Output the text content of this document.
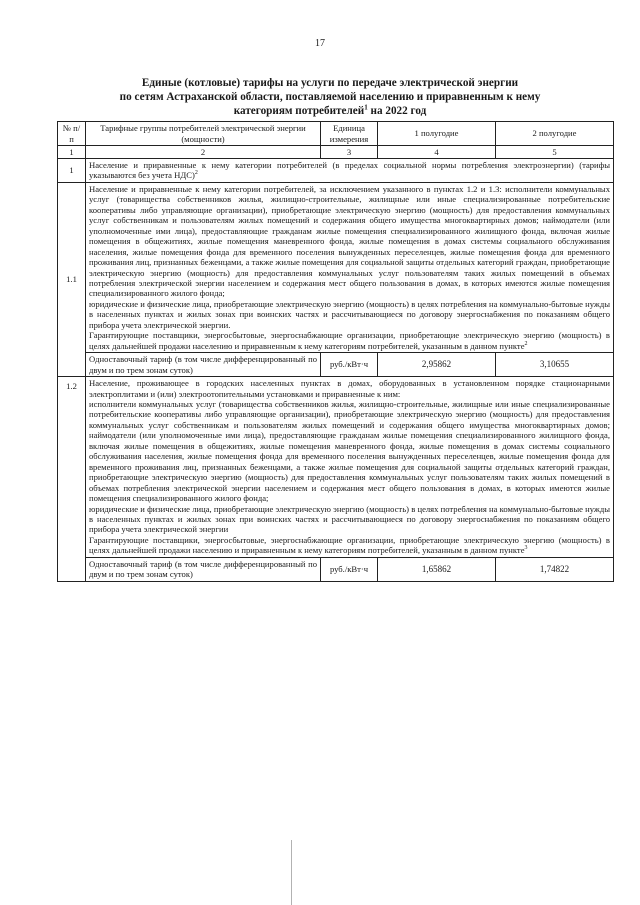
17
Единые (котловые) тарифы на услуги по передаче электрической энергии
по сетям Астраханской области, поставляемой населению и приравненным к нему
категориям потребителей$^1$ на 2022 год
№ п/п	Тарифные группы потребителей электрической энергии (мощности)	Единица измерения	1 полугодие	2 полугодие
1	2	3	4	5
1	Население и приравненные к нему категории потребителей (в пределах социальной нормы потребления электроэнергии) (тарифы указываются без учета НДС)$^2$
1.1	Население и приравненные к нему категории потребителей, за исключением указанного в пунктах 1.2 и 1.3: исполнители коммунальных услуг (товарищества собственников жилья, жилищно-строительные, жилищные или иные специализированные потребительские кооперативы либо управляющие организации), приобретающие электрическую энергию (мощность) для предоставления коммунальных услуг собственникам и пользователям жилых помещений и содержания общего имущества многоквартирных домов; наймодатели (или уполномоченные ими лица), предоставляющие гражданам жилые помещения специализированного жилищного фонда, включая жилые помещения в общежитиях, жилые помещения маневренного фонда, жилые помещения в домах системы социального обслуживания населения, жилые помещения фонда для временного поселения вынужденных переселенцев, жилые помещения фонда для временного проживания лиц, признанных беженцами, а также жилые помещения для социальной защиты отдельных категорий граждан, приобретающие электрическую энергию (мощность) для предоставления коммунальных услуг пользователям таких жилых помещений в объемах потребления электрической энергии населением и содержания мест общего пользования в домах, в которых имеются жилые помещения специализированного жилого фонда;

юридические и физические лица, приобретающие электрическую энергию (мощность) в целях потребления на коммунально-бытовые нужды в населенных пунктах и жилых зонах при воинских частях и рассчитывающиеся по договору энергоснабжения по показаниям общего прибора учета электрической энергии.

Гарантирующие поставщики, энергосбытовые, энергоснабжающие организации, приобретающие электрическую энергию (мощность) в целях дальнейшей продажи населению и приравненным к нему категориям потребителей, указанным в данном пункте$^2$

	Одноставочный тариф (в том числе дифференцированный по двум и по трем зонам суток)	руб./кВт·ч	2,95862	3,10655
1.2	Население, проживающее в городских населенных пунктах в домах, оборудованных в установленном порядке стационарными электроплитами и (или) электроотопительными установками и приравненные к ним:

исполнители коммунальных услуг (товарищества собственников жилья, жилищно-строительные, жилищные или иные специализированные потребительские кооперативы либо управляющие организации), приобретающие электрическую энергию (мощность) для предоставления коммунальных услуг собственникам и пользователям жилых помещений и содержания общего имущества многоквартирных домов; наймодатели (или уполномоченные ими лица), предоставляющие гражданам жилые помещения специализированного жилищного фонда, включая жилые помещения в общежитиях, жилые помещения маневренного фонда, жилые помещения в домах системы социального обслуживания населения, жилые помещения фонда для временного поселения вынужденных переселенцев, жилые помещения фонда для временного проживания лиц, признанных беженцами, а также жилые помещения для социальной защиты отдельных категорий граждан, приобретающие электрическую энергию (мощность) для предоставления коммунальных услуг пользователям таких жилых помещений в объемах потребления электрической энергии населением и содержания мест общего пользования в домах, в которых имеются жилые помещения специализированного жилого фонда;

юридические и физические лица, приобретающие электрическую энергию (мощность) в целях потребления на коммунально-бытовые нужды в населенных пунктах и жилых зонах при воинских частях и рассчитывающиеся по договору энергоснабжения по показаниям общего прибора учета электрической энергии

Гарантирующие поставщики, энергосбытовые, энергоснабжающие организации, приобретающие электрическую энергию (мощность) в целях дальнейшей продажи населению и приравненным к нему категориям потребителей, указанным в данном пункте$^3$

	Одноставочный тариф (в том числе дифференцированный по двум и по трем зонам суток)	руб./кВт·ч	1,65862	1,74822
